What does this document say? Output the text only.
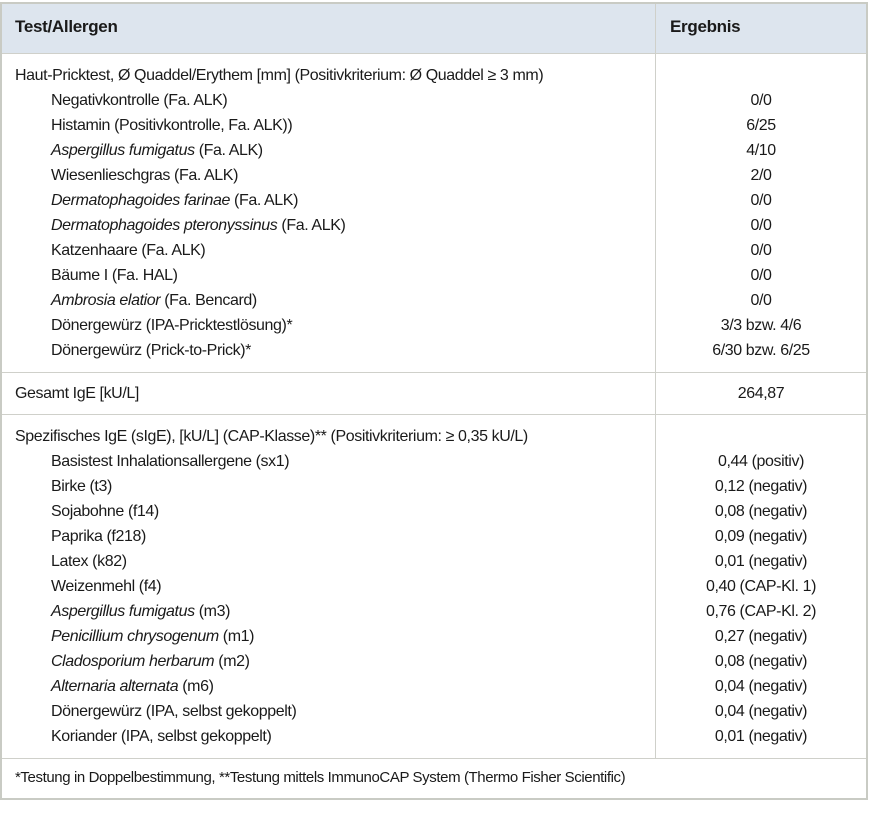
Test/Allergen	Ergebnis
Haut-Pricktest, Ø Quaddel/Erythem [mm] (Positivkriterium: Ø Quaddel ≥ 3 mm)
Negativkontrolle (Fa. ALK)
Histamin (Positivkontrolle, Fa. ALK))
Aspergillus fumigatus (Fa. ALK)
Wiesenlieschgras (Fa. ALK)
Dermatophagoides farinae (Fa. ALK)
Dermatophagoides pteronyssinus (Fa. ALK)
Katzenhaare (Fa. ALK)
Bäume I (Fa. HAL)
Ambrosia elatior (Fa. Bencard)
Dönergewürz (IPA-Pricktestlösung)*
Dönergewürz (Prick-to-Prick)*
0/0
6/25
4/10
2/0
0/0
0/0
0/0
0/0
0/0
3/3 bzw. 4/6
6/30 bzw. 6/25
Gesamt IgE [kU/L]	264,87
Spezifisches IgE (sIgE), [kU/L] (CAP-Klasse)** (Positivkriterium: ≥ 0,35 kU/L)
Basistest Inhalationsallergene (sx1)
Birke (t3)
Sojabohne (f14)
Paprika (f218)
Latex (k82)
Weizenmehl (f4)
Aspergillus fumigatus (m3)
Penicillium chrysogenum (m1)
Cladosporium herbarum (m2)
Alternaria alternata (m6)
Dönergewürz (IPA, selbst gekoppelt)
Koriander (IPA, selbst gekoppelt)
0,44 (positiv)
0,12 (negativ)
0,08 (negativ)
0,09 (negativ)
0,01 (negativ)
0,40 (CAP-Kl. 1)
0,76 (CAP-Kl. 2)
0,27 (negativ)
0,08 (negativ)
0,04 (negativ)
0,04 (negativ)
0,01 (negativ)
*Testung in Doppelbestimmung, **Testung mittels ImmunoCAP System (Thermo Fisher Scientific)
